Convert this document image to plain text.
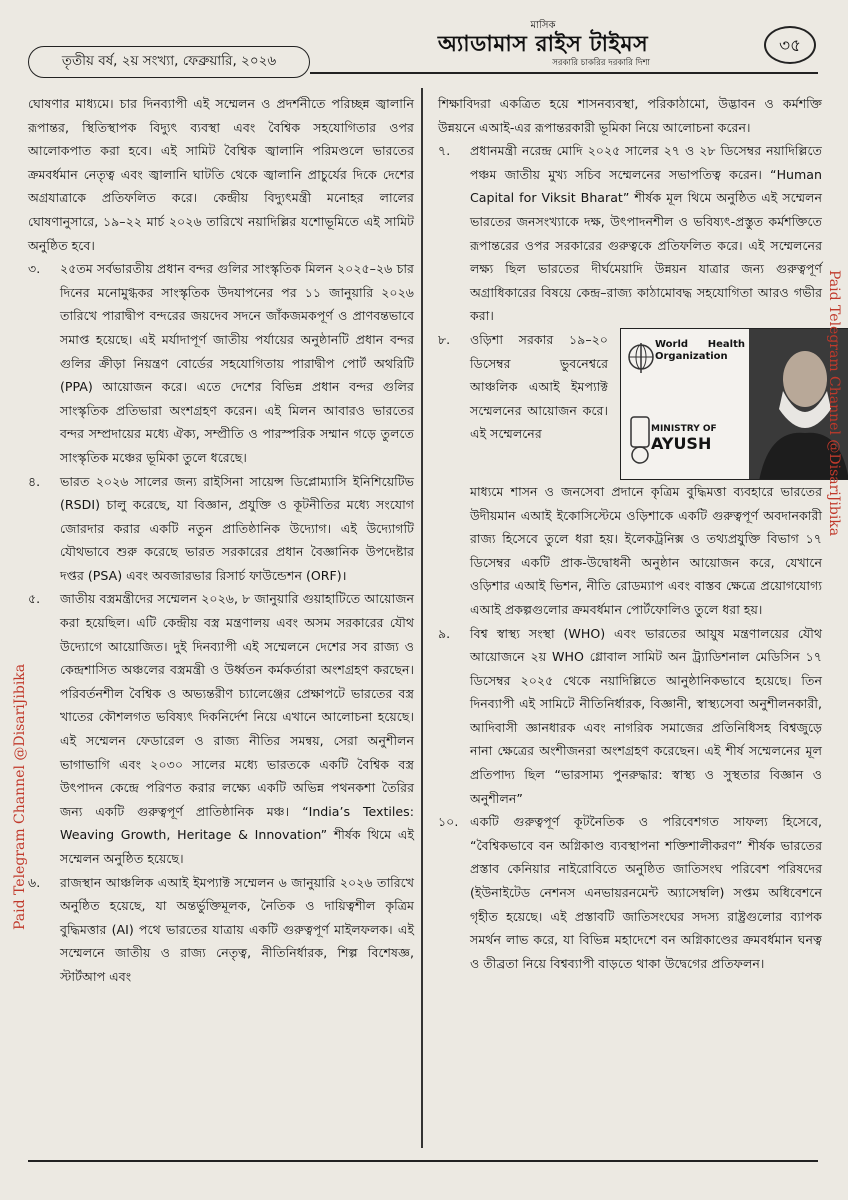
তৃতীয় বর্ষ, ২য় সংখ্যা, ফেব্রুয়ারি, ২০২৬
মাসিক
অ্যাডামাস রাইস টাইমস
সরকারি চাকরির দরকারি দিশা
৩৫

ঘোষণার মাধ্যমে। চার দিনব্যাপী এই সম্মেলন ও প্রদর্শনীতে পরিচ্ছন্ন জ্বালানি রূপান্তর, স্থিতিস্থাপক বিদ্যুৎ ব্যবস্থা এবং বৈশ্বিক সহযোগিতার ওপর আলোকপাত করা হবে। এই সামিট বৈশ্বিক জ্বালানি পরিমণ্ডলে ভারতের ক্রমবর্ধমান নেতৃত্ব এবং জ্বালানি ঘাটতি থেকে জ্বালানি প্রাচুর্যের দিকে দেশের অগ্রযাত্রাকে প্রতিফলিত করে। কেন্দ্রীয় বিদ্যুৎমন্ত্রী মনোহর লালের ঘোষণানুসারে, ১৯–২২ মার্চ ২০২৬ তারিখে নয়াদিল্লির যশোভূমিতে এই সামিট অনুষ্ঠিত হবে।

৩.	২৫তম সর্বভারতীয় প্রধান বন্দর গুলির সাংস্কৃতিক মিলন ২০২৫–২৬ চার দিনের মনোমুগ্ধকর সাংস্কৃতিক উদযাপনের পর ১১ জানুয়ারি ২০২৬ তারিখে পারাদ্বীপ বন্দরের জয়দেব সদনে জাঁকজমকপূর্ণ ও প্রাণবন্তভাবে সমাপ্ত হয়েছে। এই মর্যাদাপূর্ণ জাতীয় পর্যায়ের অনুষ্ঠানটি প্রধান বন্দর গুলির ক্রীড়া নিয়ন্ত্রণ বোর্ডের সহযোগিতায় পারাদ্বীপ পোর্ট অথরিটি (PPA) আয়োজন করে। এতে দেশের বিভিন্ন প্রধান বন্দর গুলির সাংস্কৃতিক প্রতিভারা অংশগ্রহণ করেন। এই মিলন আবারও ভারতের বন্দর সম্প্রদায়ের মধ্যে ঐক্য, সম্প্রীতি ও পারস্পরিক সম্মান গড়ে তুলতে সাংস্কৃতিক মঞ্চের ভূমিকা তুলে ধরেছে।
৪.	ভারত ২০২৬ সালের জন্য রাইসিনা সায়েন্স ডিপ্লোম্যাসি ইনিশিয়েটিভ (RSDI) চালু করেছে, যা বিজ্ঞান, প্রযুক্তি ও কূটনীতির মধ্যে সংযোগ জোরদার করার একটি নতুন প্রাতিষ্ঠানিক উদ্যোগ। এই উদ্যোগটি যৌথভাবে শুরু করেছে ভারত সরকারের প্রধান বৈজ্ঞানিক উপদেষ্টার দপ্তর (PSA) এবং অবজারভার রিসার্চ ফাউন্ডেশন (ORF)।
৫.	জাতীয় বস্ত্রমন্ত্রীদের সম্মেলন ২০২৬, ৮ জানুয়ারি গুয়াহাটিতে আয়োজন করা হয়েছিল। এটি কেন্দ্রীয় বস্ত্র মন্ত্রণালয় এবং অসম সরকারের যৌথ উদ্যোগে আয়োজিত। দুই দিনব্যাপী এই সম্মেলনে দেশের সব রাজ্য ও কেন্দ্রশাসিত অঞ্চলের বস্ত্রমন্ত্রী ও উর্ধ্বতন কর্মকর্তারা অংশগ্রহণ করছেন। পরিবর্তনশীল বৈশ্বিক ও অভ্যন্তরীণ চ্যালেঞ্জের প্রেক্ষাপটে ভারতের বস্ত্র খাতের কৌশলগত ভবিষ্যৎ দিকনির্দেশ নিয়ে এখানে আলোচনা হয়েছে। এই সম্মেলন ফেডারেল ও রাজ্য নীতির সমন্বয়, সেরা অনুশীলন ভাগাভাগি এবং ২০৩০ সালের মধ্যে ভারতকে একটি বৈশ্বিক বস্ত্র উৎপাদন কেন্দ্রে পরিণত করার লক্ষ্যে একটি অভিন্ন পথনকশা তৈরির জন্য একটি গুরুত্বপূর্ণ প্রাতিষ্ঠানিক মঞ্চ। “India’s Textiles: Weaving Growth, Heritage & Innovation” শীর্ষক থিমে এই সম্মেলন অনুষ্ঠিত হয়েছে।
৬.	রাজস্থান আঞ্চলিক এআই ইমপ্যাক্ট সম্মেলন ৬ জানুয়ারি ২০২৬ তারিখে অনুষ্ঠিত হয়েছে, যা অন্তর্ভুক্তিমূলক, নৈতিক ও দায়িত্বশীল কৃত্রিম বুদ্ধিমত্তার (AI) পথে ভারতের যাত্রায় একটি গুরুত্বপূর্ণ মাইলফলক। এই সম্মেলনে জাতীয় ও রাজ্য নেতৃত্ব, নীতিনির্ধারক, শিল্প বিশেষজ্ঞ, স্টার্টআপ এবং

শিক্ষাবিদরা একত্রিত হয়ে শাসনব্যবস্থা, পরিকাঠামো, উদ্ভাবন ও কর্মশক্তি উন্নয়নে এআই-এর রূপান্তরকারী ভূমিকা নিয়ে আলোচনা করেন।

৭.	প্রধানমন্ত্রী নরেন্দ্র মোদি ২০২৫ সালের ২৭ ও ২৮ ডিসেম্বর নয়াদিল্লিতে পঞ্চম জাতীয় মুখ্য সচিব সম্মেলনের সভাপতিত্ব করেন। “Human Capital for Viksit Bharat” শীর্ষক মূল থিমে অনুষ্ঠিত এই সম্মেলন ভারতের জনসংখ্যাকে দক্ষ, উৎপাদনশীল ও ভবিষ্যৎ-প্রস্তুত কর্মশক্তিতে রূপান্তরের ওপর সরকারের গুরুত্বকে প্রতিফলিত করে। এই সম্মেলনের লক্ষ্য ছিল ভারতের দীর্ঘমেয়াদি উন্নয়ন যাত্রার জন্য গুরুত্বপূর্ণ অগ্রাধিকারের বিষয়ে কেন্দ্র–রাজ্য কাঠামোবদ্ধ সহযোগিতা আরও গভীর করা।
৮.	ওড়িশা সরকার ১৯–২০ ডিসেম্বর ভুবনেশ্বরে আঞ্চলিক এআই ইমপ্যাক্ট সম্মেলনের আয়োজন করে। এই সম্মেলনের
World Health Organization
MINISTRY OF
AYUSH
মাধ্যমে শাসন ও জনসেবা প্রদানে কৃত্রিম বুদ্ধিমত্তা ব্যবহারে ভারতের উদীয়মান এআই ইকোসিস্টেমে ওড়িশাকে একটি গুরুত্বপূর্ণ অবদানকারী রাজ্য হিসেবে তুলে ধরা হয়। ইলেকট্রনিক্স ও তথ্যপ্রযুক্তি বিভাগ ১৭ ডিসেম্বর একটি প্রাক-উদ্বোধনী অনুষ্ঠান আয়োজন করে, যেখানে ওড়িশার এআই ভিশন, নীতি রোডম্যাপ এবং বাস্তব ক্ষেত্রে প্রয়োগযোগ্য এআই প্রকল্পগুলোর ক্রমবর্ধমান পোর্টফোলিও তুলে ধরা হয়।
৯.	বিশ্ব স্বাস্থ্য সংস্থা (WHO) এবং ভারতের আয়ুষ মন্ত্রণালয়ের যৌথ আয়োজনে ২য় WHO গ্লোবাল সামিট অন ট্র্যাডিশনাল মেডিসিন ১৭ ডিসেম্বর ২০২৫ থেকে নয়াদিল্লিতে আনুষ্ঠানিকভাবে হয়েছে। তিন দিনব্যাপী এই সামিটে নীতিনির্ধারক, বিজ্ঞানী, স্বাস্থ্যসেবা অনুশীলনকারী, আদিবাসী জ্ঞানধারক এবং নাগরিক সমাজের প্রতিনিধিসহ বিশ্বজুড়ে নানা ক্ষেত্রের অংশীজনরা অংশগ্রহণ করেছেন। এই শীর্ষ সম্মেলনের মূল প্রতিপাদ্য ছিল “ভারসাম্য পুনরুদ্ধার: স্বাস্থ্য ও সুস্থতার বিজ্ঞান ও অনুশীলন”
১০. একটি গুরুত্বপূর্ণ কূটনৈতিক ও পরিবেশগত সাফল্য হিসেবে, “বৈশ্বিকভাবে বন অগ্নিকাণ্ড ব্যবস্থাপনা শক্তিশালীকরণ” শীর্ষক ভারতের প্রস্তাব কেনিয়ার নাইরোবিতে অনুষ্ঠিত জাতিসংঘ পরিবেশ পরিষদের (ইউনাইটেড নেশনস এনভায়রনমেন্ট অ্যাসেম্বলি) সপ্তম অধিবেশনে গৃহীত হয়েছে। এই প্রস্তাবটি জাতিসংঘের সদস্য রাষ্ট্রগুলোর ব্যাপক সমর্থন লাভ করে, যা বিভিন্ন মহাদেশে বন অগ্নিকাণ্ডের ক্রমবর্ধমান ঘনত্ব ও তীব্রতা নিয়ে বিশ্বব্যাপী বাড়তে থাকা উদ্বেগের প্রতিফলন।
Paid Telegram Channel @DisariJibika
Paid Telegram Channel @DisariJibika
